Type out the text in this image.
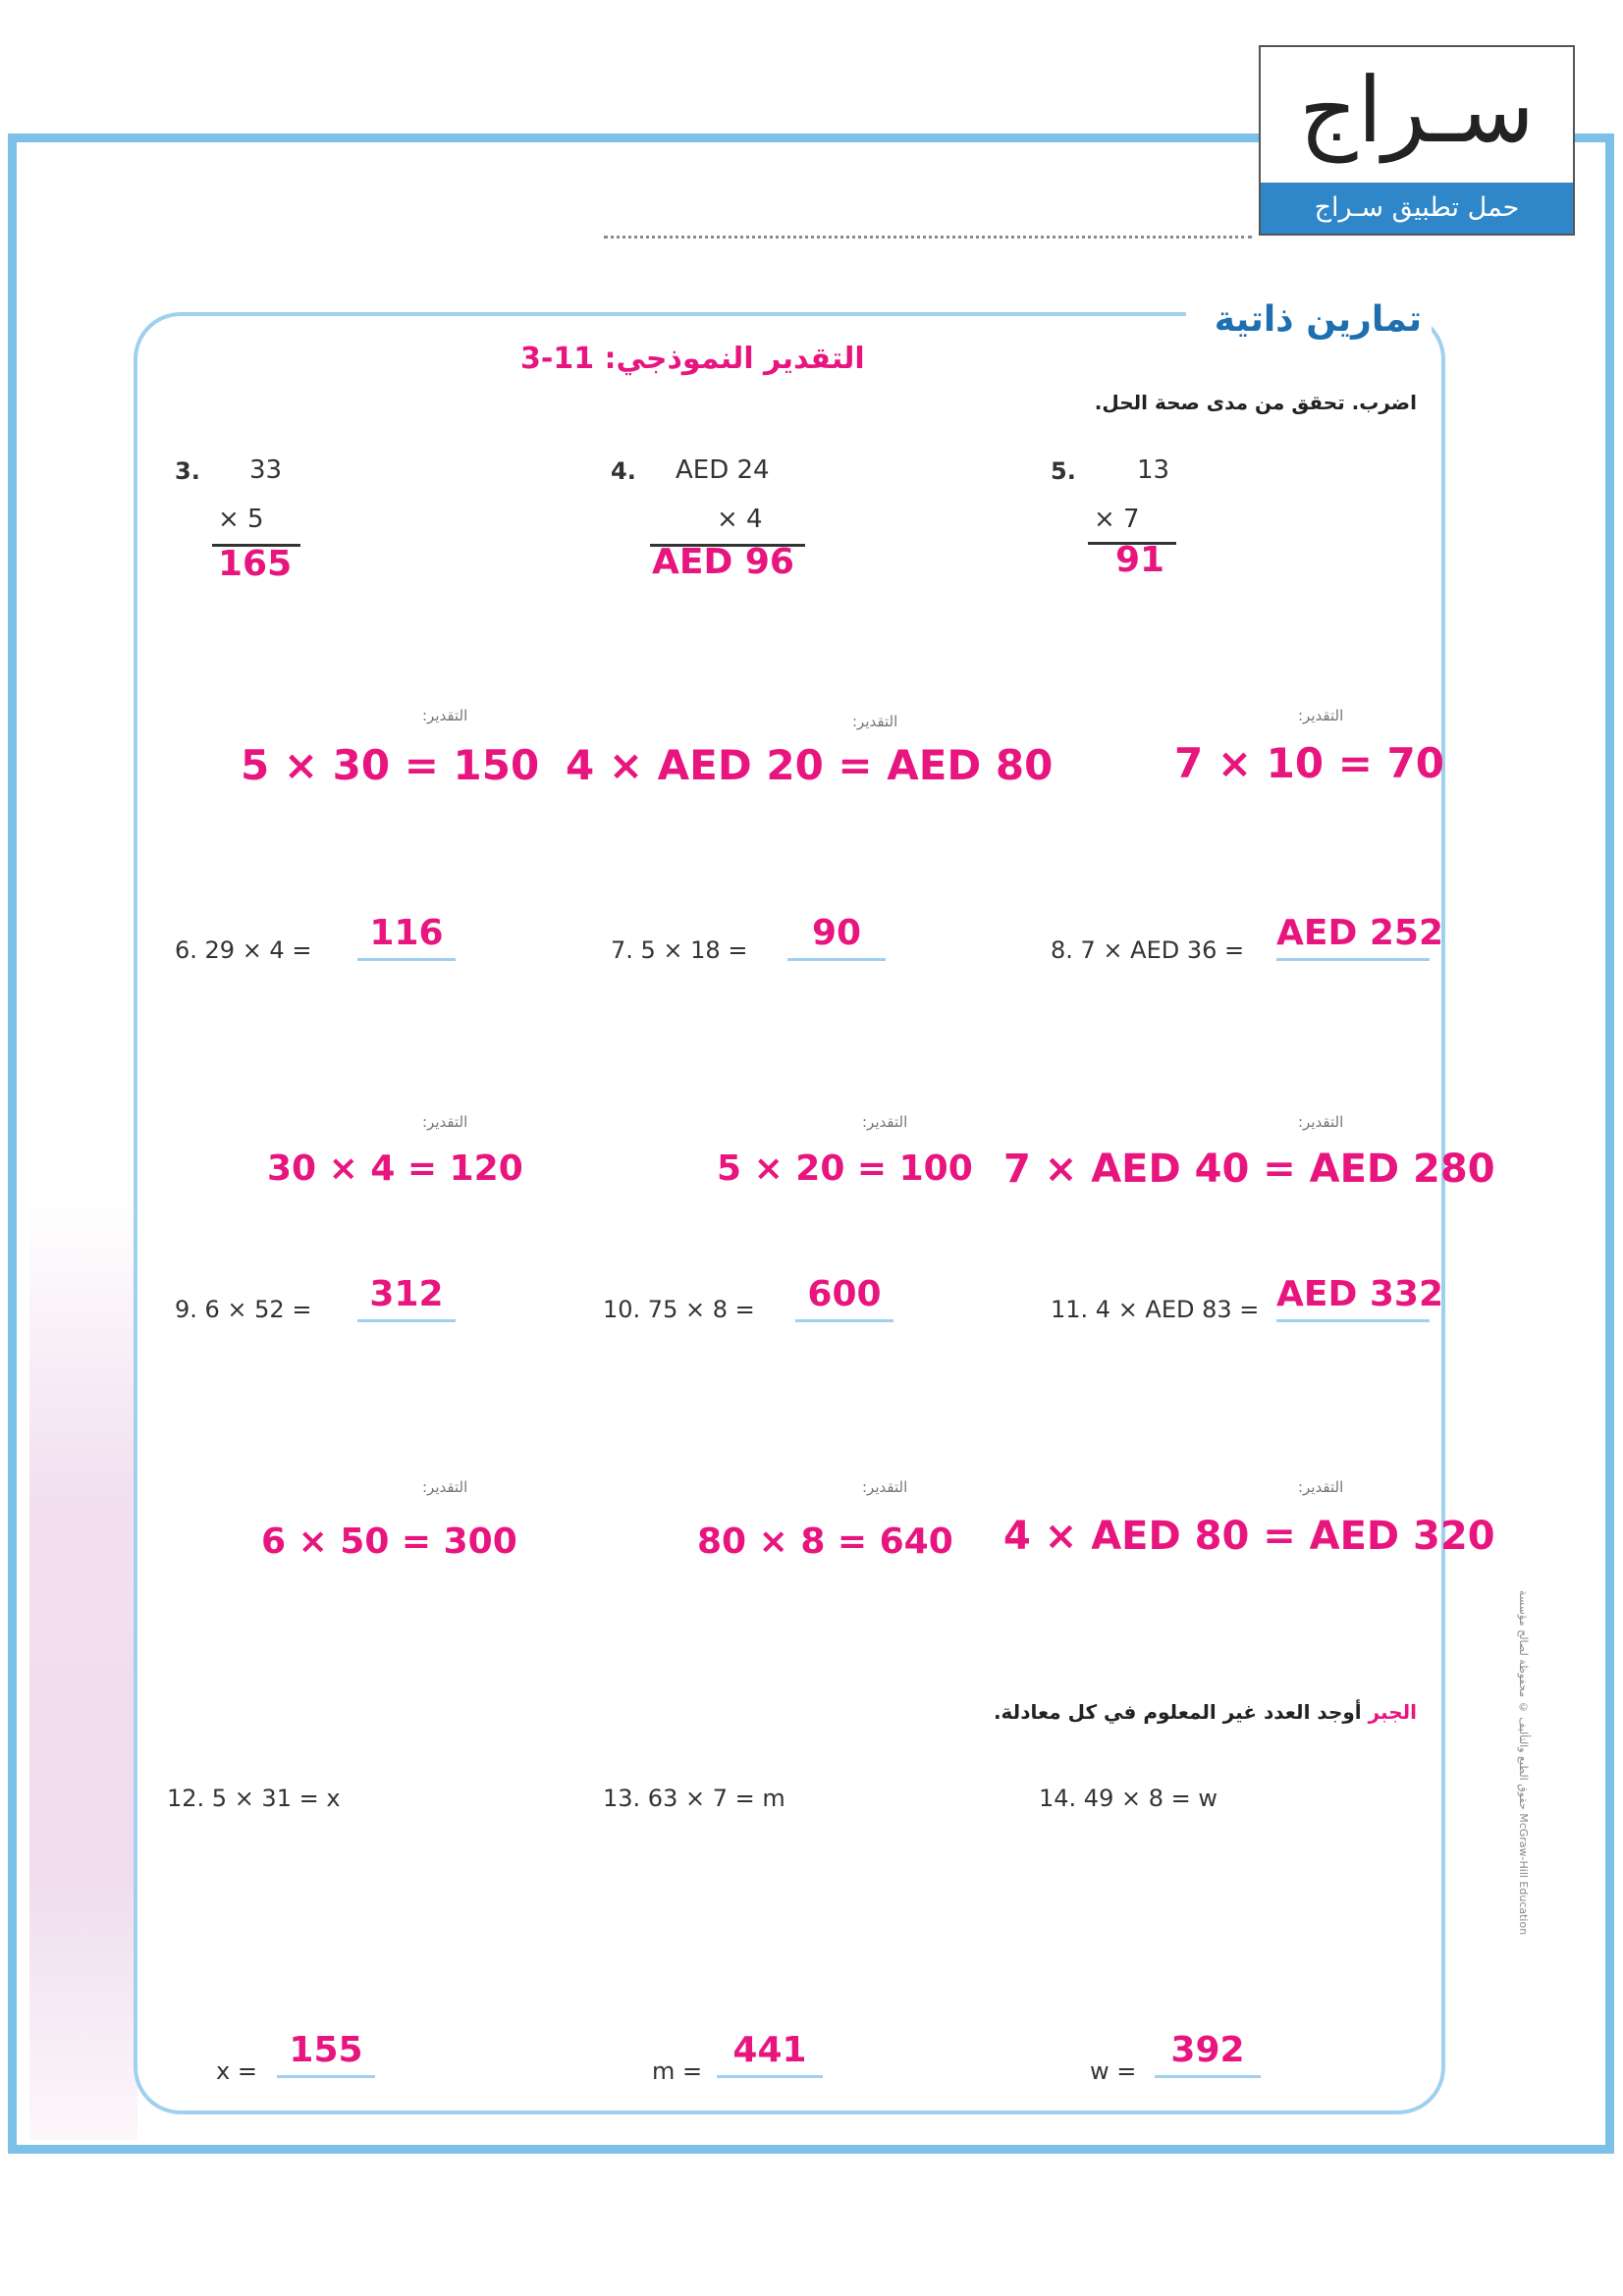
سـراج
حمل تطبيق سـراج
تمارين ذاتية
التقدير النموذجي: 11-3
اضرب. تحقق من مدى صحة الحل.
3. 33
× 5
165
4. AED 24
× 4
AED 96
5. 13
× 7
91
التقدير:
5 × 30 = 150
التقدير:
4 × AED 20 = AED 80
التقدير:
7 × 10 = 70
6. 29 × 4 =	116	7. 5 × 18 =	90	8. 7 × AED 36 = AED 252
التقدير:
30 × 4 = 120
التقدير:
5 × 20 = 100
التقدير:
7 × AED 40 = AED 280
9. 6 × 52 =	312	10. 75 × 8 =	600	11. 4 × AED 83 = AED 332
التقدير:
6 × 50 = 300
التقدير:
80 × 8 = 640
التقدير:
4 × AED 80 = AED 320
الجبر أوجد العدد غير المعلوم في كل معادلة.
12. 5 × 31 = x	13. 63 × 7 = m	14. 49 × 8 = w
x =
155
m =
441
w =
392
حقوق الطبع والتأليف © محفوظة لصالح مؤسسة McGraw-Hill Education
